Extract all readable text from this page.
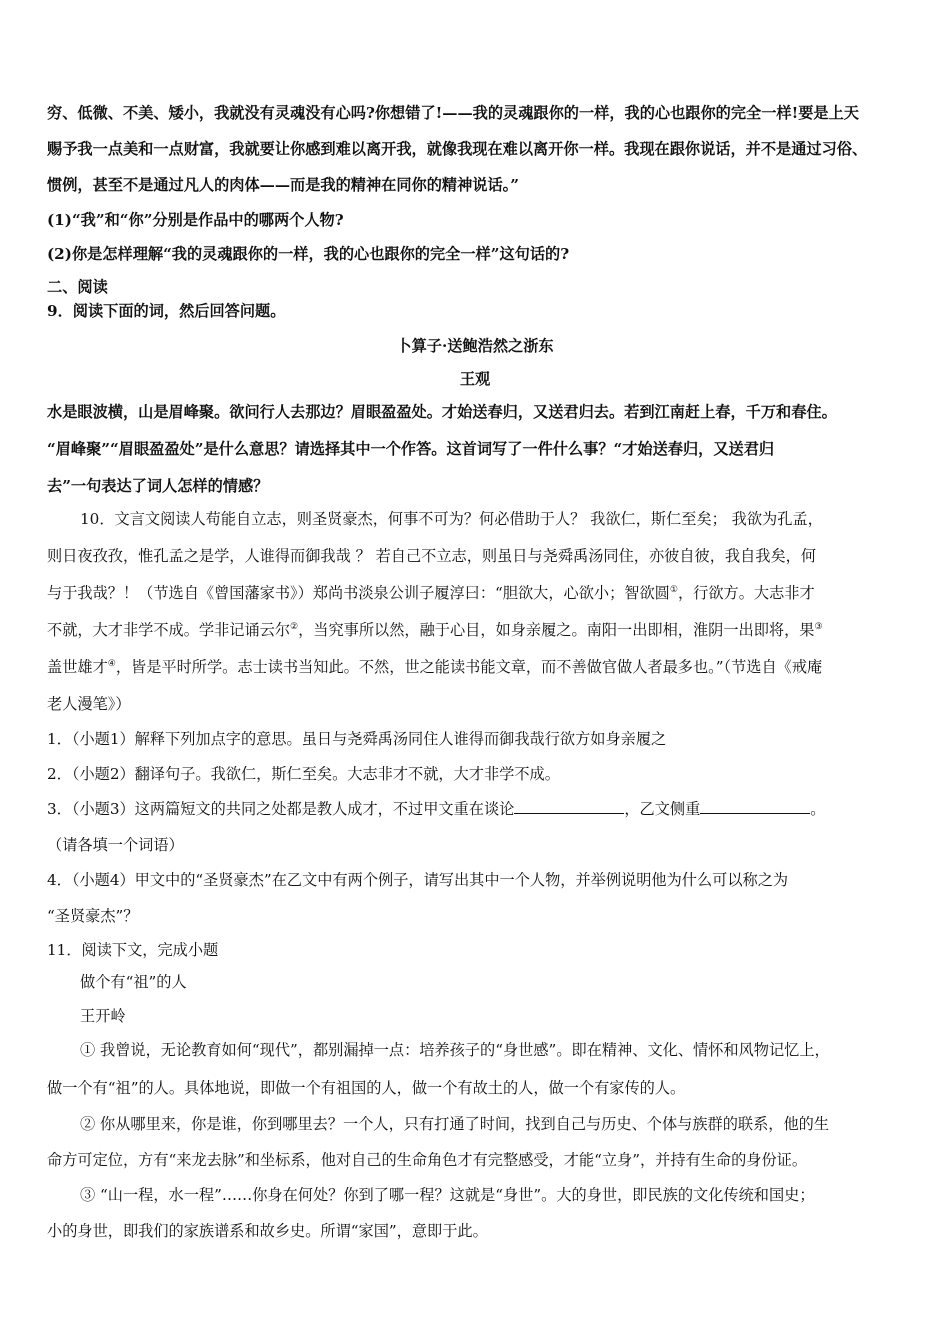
穷、低微、不美、矮小，我就没有灵魂没有心吗?你想错了!——我的灵魂跟你的一样，我的心也跟你的完全一样!要是上天
赐予我一点美和一点财富，我就要让你感到难以离开我，就像我现在难以离开你一样。我现在跟你说话，并不是通过习俗、
惯例，甚至不是通过凡人的肉体——而是我的精神在同你的精神说话。”
(1)“我”和“你”分别是作品中的哪两个人物?
(2)你是怎样理解“我的灵魂跟你的一样，我的心也跟你的完全一样”这句话的?
二、阅读
9．阅读下面的词，然后回答问题。
卜算子·送鲍浩然之浙东
王观
水是眼波横，山是眉峰聚。欲问行人去那边？眉眼盈盈处。才始送春归，又送君归去。若到江南赶上春，千万和春住。
“眉峰聚”“眉眼盈盈处”是什么意思？请选择其中一个作答。这首词写了一件什么事？“才始送春归，又送君归
去”一句表达了词人怎样的情感？
10．文言文阅读人苟能自立志，则圣贤豪杰，何事不可为？何必借助于人？ 我欲仁，斯仁至矣； 我欲为孔孟，
则日夜孜孜，惟孔孟之是学，人谁得而御我哉 ？ 若自己不立志，则虽日与尧舜禹汤同住，亦彼自彼，我自我矣，何
与于我哉？！（节选自《曾国藩家书》）郑尚书淡泉公训子履淳曰：“胆欲大，心欲小；智欲圆①，行欲方。大志非才
不就，大才非学不成。学非记诵云尔②，当究事所以然，融于心目，如身亲履之。南阳一出即相，淮阴一出即将，果③
盖世雄才④，皆是平时所学。志士读书当知此。不然，世之能读书能文章，而不善做官做人者最多也。”（节选自《戒庵
老人漫笔》）
1．（小题1）解释下列加点字的意思。虽日与尧舜禹汤同住人谁得而御我哉行欲方如身亲履之
2．（小题2）翻译句子。我欲仁，斯仁至矣。大志非才不就，大才非学不成。
3．（小题3）这两篇短文的共同之处都是教人成才，不过甲文重在谈论	，乙文侧重	。
（请各填一个词语）
4．（小题4）甲文中的“圣贤豪杰”在乙文中有两个例子，请写出其中一个人物，并举例说明他为什么可以称之为
“圣贤豪杰”？
11．阅读下文，完成小题
做个有“祖”的人
王开岭
① 我曾说，无论教育如何“现代”，都别漏掉一点：培养孩子的“身世感”。即在精神、文化、情怀和风物记忆上，
做一个有“祖”的人。具体地说，即做一个有祖国的人，做一个有故土的人，做一个有家传的人。
② 你从哪里来，你是谁，你到哪里去？一个人，只有打通了时间，找到自己与历史、个体与族群的联系，他的生
命方可定位，方有“来龙去脉”和坐标系，他对自己的生命角色才有完整感受，才能“立身”，并持有生命的身份证。
③ “山一程，水一程”……你身在何处？你到了哪一程？这就是“身世”。大的身世，即民族的文化传统和国史；
小的身世，即我们的家族谱系和故乡史。所谓“家国”，意即于此。
